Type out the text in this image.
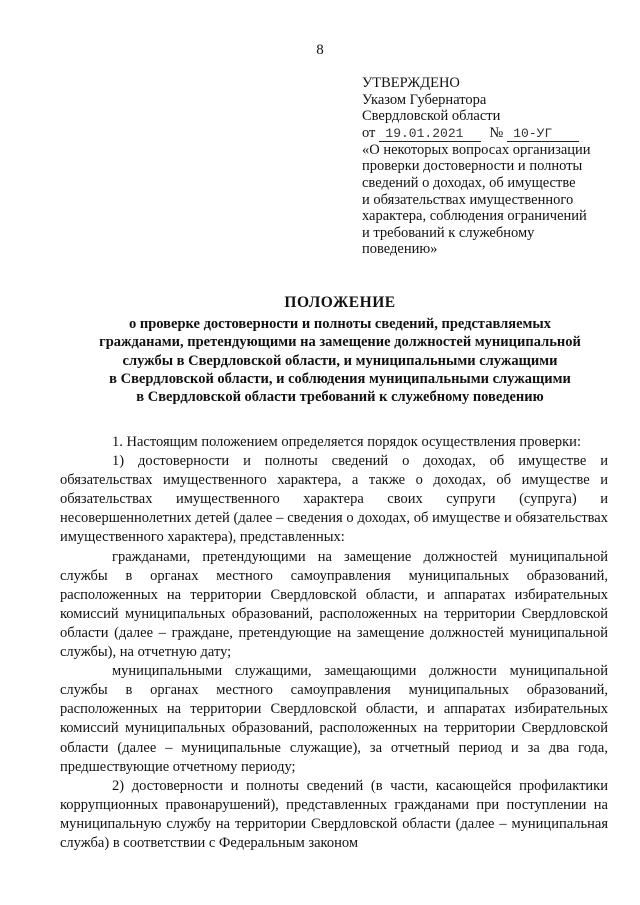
8
УТВЕРЖДЕНО
Указом Губернатора
Свердловской области
от 19.01.2021	№ 10-УГ
«О некоторых вопросах организации
проверки достоверности и полноты
сведений о доходах, об имуществе
и обязательствах имущественного
характера, соблюдения ограничений
и требований к служебному
поведению»
ПОЛОЖЕНИЕ
о проверке достоверности и полноты сведений, представляемых
гражданами, претендующими на замещение должностей муниципальной
службы в Свердловской области, и муниципальными служащими
в Свердловской области, и соблюдения муниципальными служащими
в Свердловской области требований к служебному поведению

1. Настоящим положением определяется порядок осуществления проверки:

1) достоверности и полноты сведений о доходах, об имуществе и обязательствах имущественного характера, а также о доходах, об имуществе и обязательствах имущественного характера своих супруги (супруга) и несовершеннолетних детей (далее – сведения о доходах, об имуществе и обязательствах имущественного характера), представленных:

гражданами, претендующими на замещение должностей муниципальной службы в органах местного самоуправления муниципальных образований, расположенных на территории Свердловской области, и аппаратах избирательных комиссий муниципальных образований, расположенных на территории Свердловской области (далее – граждане, претендующие на замещение должностей муниципальной службы), на отчетную дату;

муниципальными служащими, замещающими должности муниципальной службы в органах местного самоуправления муниципальных образований, расположенных на территории Свердловской области, и аппаратах избирательных комиссий муниципальных образований, расположенных на территории Свердловской области (далее – муниципальные служащие), за отчетный период и за два года, предшествующие отчетному периоду;

2) достоверности и полноты сведений (в части, касающейся профилактики коррупционных правонарушений), представленных гражданами при поступлении на муниципальную службу на территории Свердловской области (далее – муниципальная служба) в соответствии с Федеральным законом
